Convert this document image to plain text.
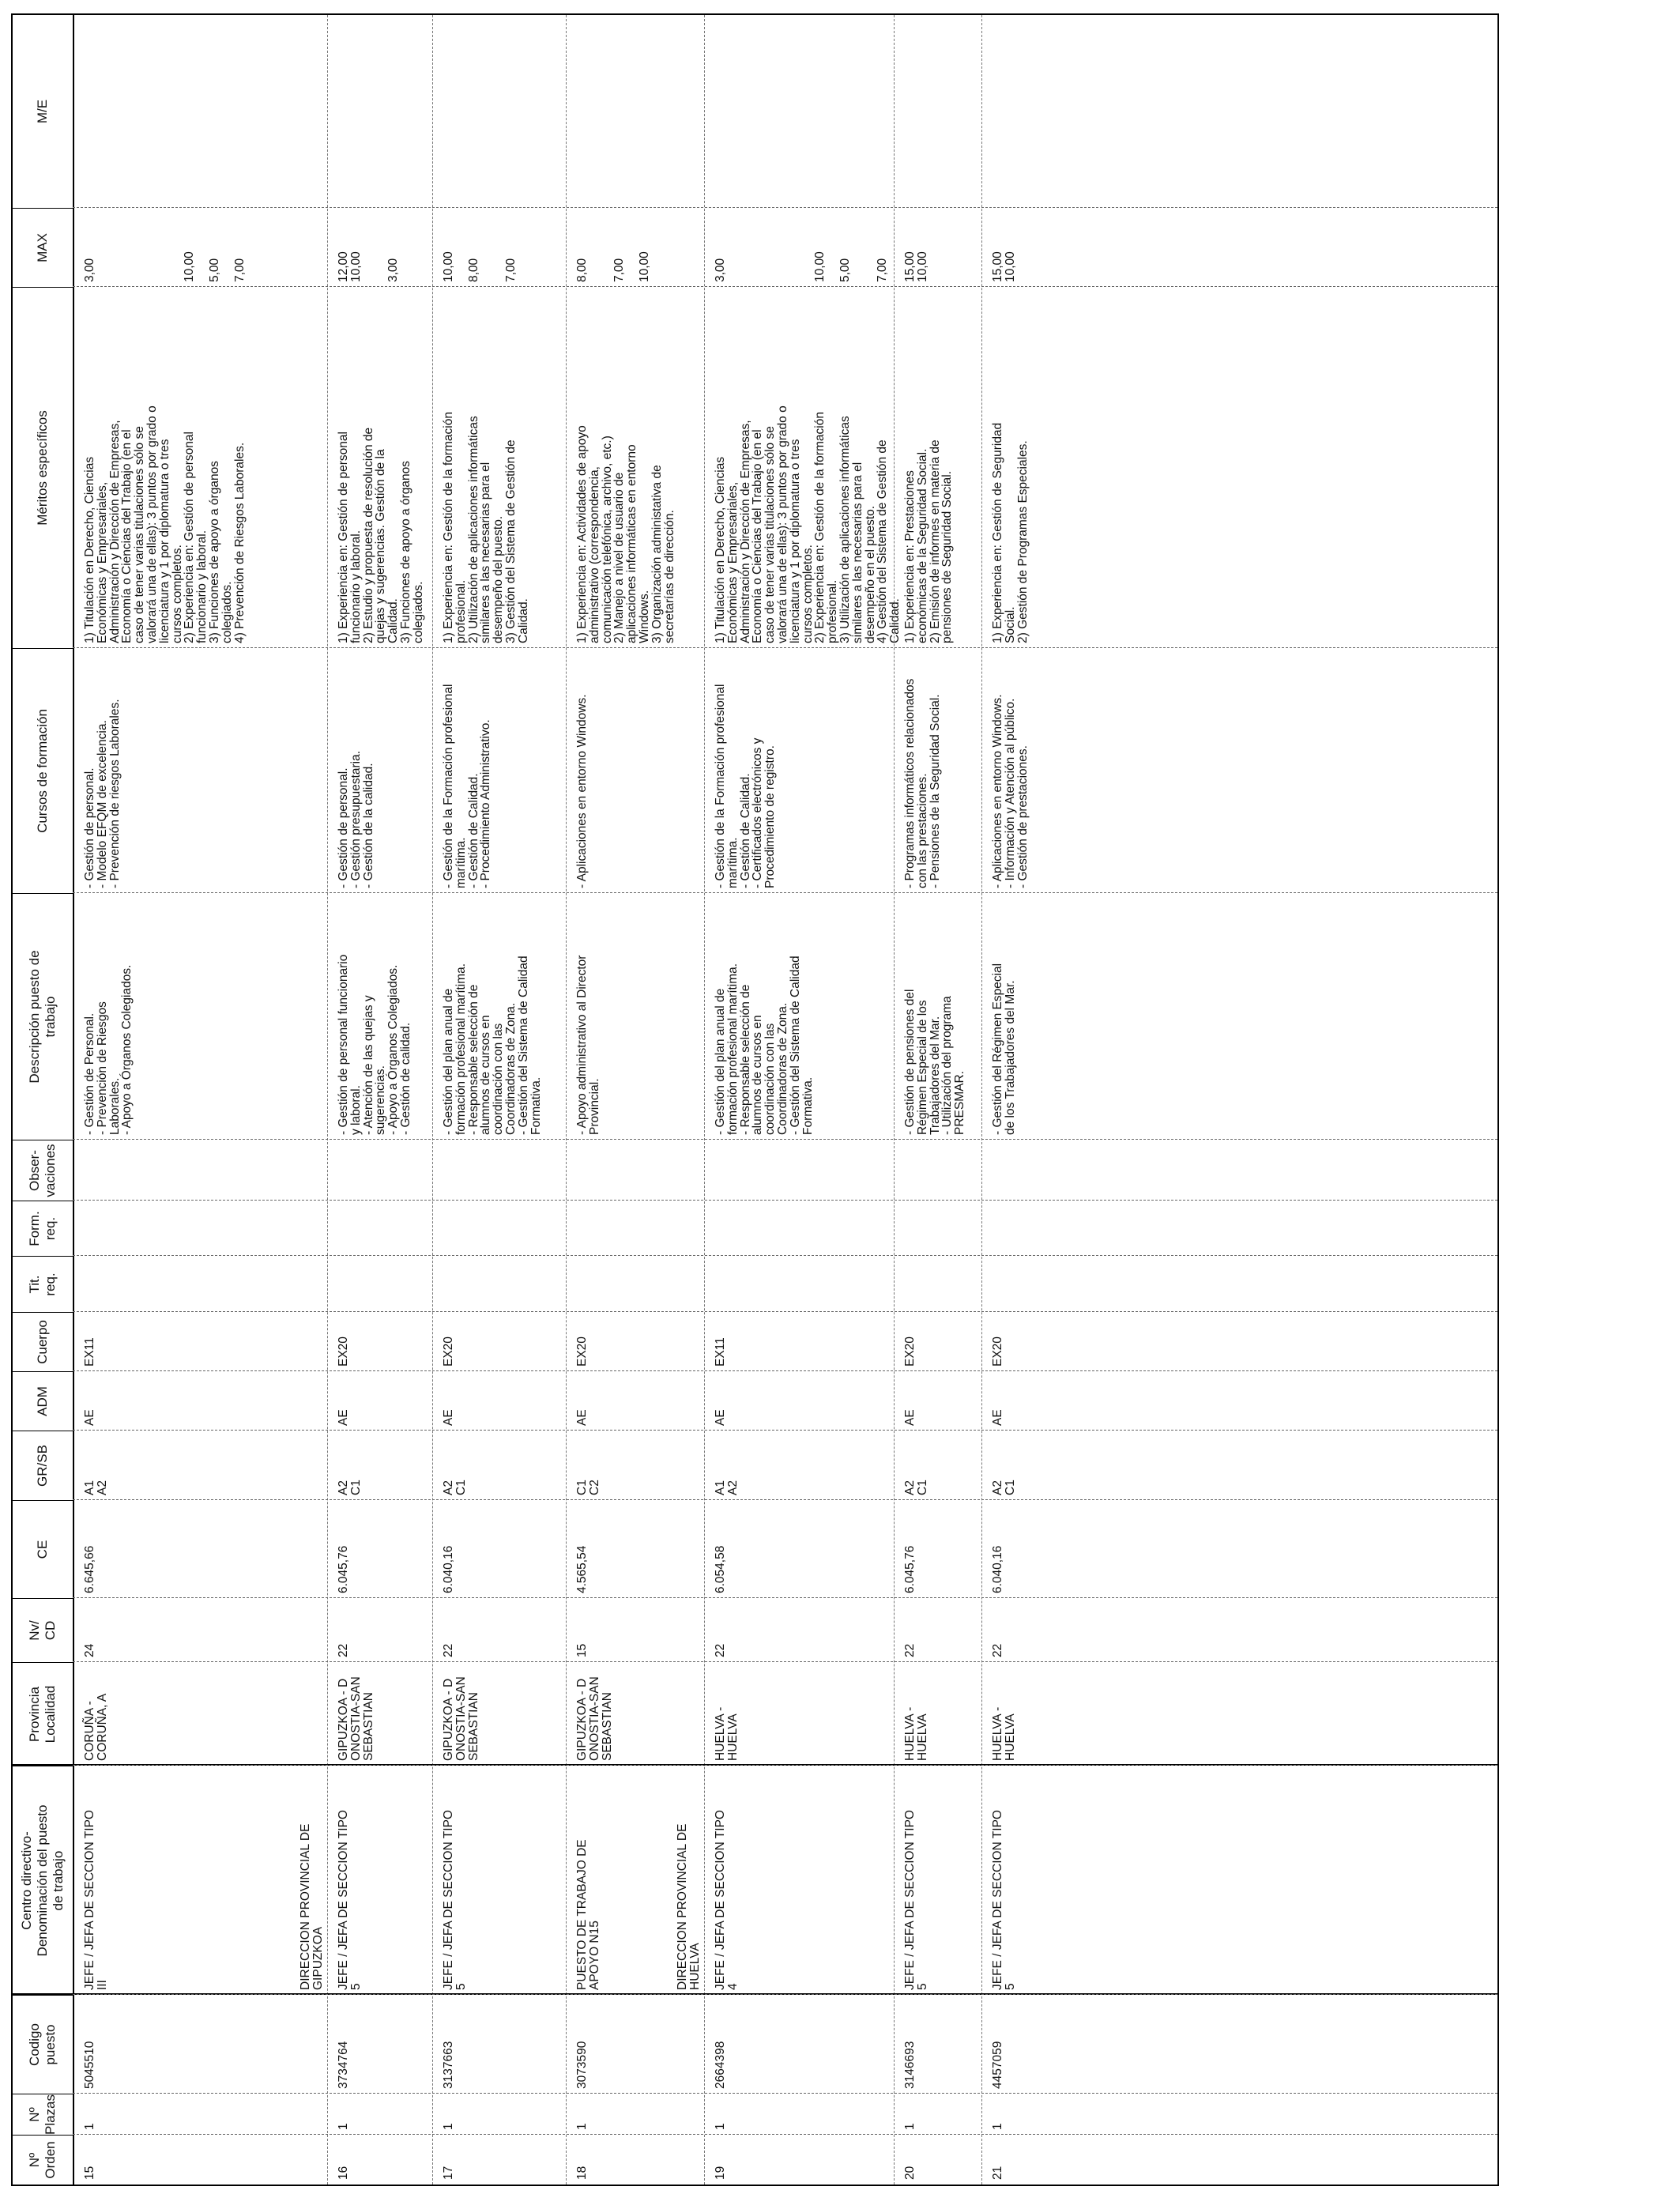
Nº
Orden
Nº
Plazas
Codigo
puesto
Centro directivo-
Denominación del puesto
de trabajo
Provincia
Localidad
Nv/
CD
CE
GR/SB
ADM
Cuerpo
Tit.
req.
Form.
req.
Obser-
vaciones
Descripción puesto de
trabajo
Cursos de formación
Méritos específicos
MAX
M/E
15
1
5045510
JEFE / JEFA DE SECCION TIPO
III
CORUÑA -
CORUÑA, A
24
6.645,66
A1
A2
AE
EX11
- Gestión de Personal.
- Prevención de Riesgos
Laborales.
- Apoyo a Órganos Colegiados.
- Gestión de personal.
- Modelo EFQM de excelencia.
- Prevención de riesgos Laborales.
1) Titulación en Derecho, Ciencias
Económicas y Empresariales,
Administración y Dirección de Empresas,
Economía o Ciencias del Trabajo (en el
caso de tener varias titulaciones sólo se
valorará una de ellas): 3 puntos por grado o
licenciatura y 1 por diplomatura o tres
cursos completos.
2) Experiencia en: Gestión de personal
funcionario y laboral.
3) Funciones de apoyo a órganos
colegiados.
4) Prevención de Riesgos Laborales.
3,00	10,00 5,00 7,00
16
1
3734764
DIRECCION PROVINCIAL DE
GIPUZKOA JEFE / JEFA DE SECCION TIPO
5
GIPUZKOA - D
ONOSTIA-SAN
SEBASTIAN
22
6.045,76
A2
C1
AE
EX20
- Gestión de personal funcionario
y laboral.
- Atención de las quejas y
sugerencias.
- Apoyo a Órganos Colegiados.
- Gestión de calidad.
- Gestión de personal.
- Gestión presupuestaria.
- Gestión de la calidad.
1) Experiencia en: Gestión de personal
funcionario y laboral.
2) Estudio y propuesta de resolución de
quejas y sugerencias. Gestión de la
Calidad.
3) Funciones de apoyo a órganos
colegiados.
12,00
10,00 3,00
17
1
3137663
JEFE / JEFA DE SECCION TIPO
5
GIPUZKOA - D
ONOSTIA-SAN
SEBASTIAN
22
6.040,16
A2
C1
AE
EX20
- Gestión del plan anual de
formación profesional marítima.
- Responsable selección de
alumnos de cursos en
coordinación con las
Coordinadoras de Zona.
- Gestión del Sistema de Calidad
Formativa.
- Gestión de la Formación profesional
marítima.
- Gestión de Calidad.
- Procedimiento Administrativo.
1) Experiencia en: Gestión de la formación
profesional.
2) Utilización de aplicaciones informáticas
similares a las necesarias para el
desempeño del puesto.
3) Gestión del Sistema de Gestión de
Calidad.
10,00 8,00 7,00
18
1
3073590
PUESTO DE TRABAJO DE
APOYO N15
GIPUZKOA - D
ONOSTIA-SAN
SEBASTIAN
15
4.565,54
C1
C2
AE
EX20
- Apoyo administrativo al Director
Provincial.
- Aplicaciones en entorno Windows.
1) Experiencia en: Actividades de apoyo
administrativo (correspondencia,
comunicación telefónica, archivo, etc.)
2) Manejo a nivel de usuario de
aplicaciones informáticas en entorno
Windows.
3) Organización administativa de
secretarías de dirección.
8,00 7,00 10,00
19
1
2664398
DIRECCION PROVINCIAL DE
HUELVA JEFE / JEFA DE SECCION TIPO
4
HUELVA -
HUELVA
22
6.054,58
A1
A2
AE
EX11
- Gestión del plan anual de
formación profesional marítima.
- Responsable selección de
alumnos de cursos en
coordinación con las
Coordinadoras de Zona.
- Gestión del Sistema de Calidad
Formativa.
- Gestión de la Formación profesional
marítima.
- Gestión de Calidad.
- Certificados electrónicos y
Procedimiento de registro.
1) Titulación en Derecho, Ciencias
Económicas y Empresariales,
Administración y Dirección de Empresas,
Economía o Ciencias del Trabajo (en el
caso de tener varias titulaciones sólo se
valorará una de ellas): 3 puntos por grado o
licenciatura y 1 por diplomatura o tres
cursos completos.
2) Experiencia en: Gestión de la formación
profesional.
3) Utilización de aplicaciones informáticas
similares a las necesarias para el
desempeño en el puesto.
4) Gestión del Sistema de Gestión de
Calidad.
3,00	10,00 5,00 7,00
20
1
3146693
JEFE / JEFA DE SECCION TIPO
5
HUELVA -
HUELVA
22
6.045,76
A2
C1
AE
EX20
- Gestión de pensiones del
Régimen Especial de los
Trabajadores del Mar.
- Utilización del programa
PRESMAR.
- Programas informáticos relacionados
con las prestaciones.
- Pensiones de la Seguridad Social.
1) Experiencia en: Prestaciones
económicas de la Seguridad Social.
2) Emisión de informes en materia de
pensiones de Seguridad Social.
15,00
10,00
21
1
4457059
JEFE / JEFA DE SECCION TIPO
5
HUELVA -
HUELVA
22
6.040,16
A2
C1
AE
EX20
- Gestión del Régimen Especial
de los Trabajadores del Mar.
- Aplicaciones en entorno Windows.
- Información y Atención al público.
- Gestión de prestaciones.
1) Experiencia en: Gestión de Seguridad
Social.
2) Gestión de Programas Especiales.
15,00
10,00
